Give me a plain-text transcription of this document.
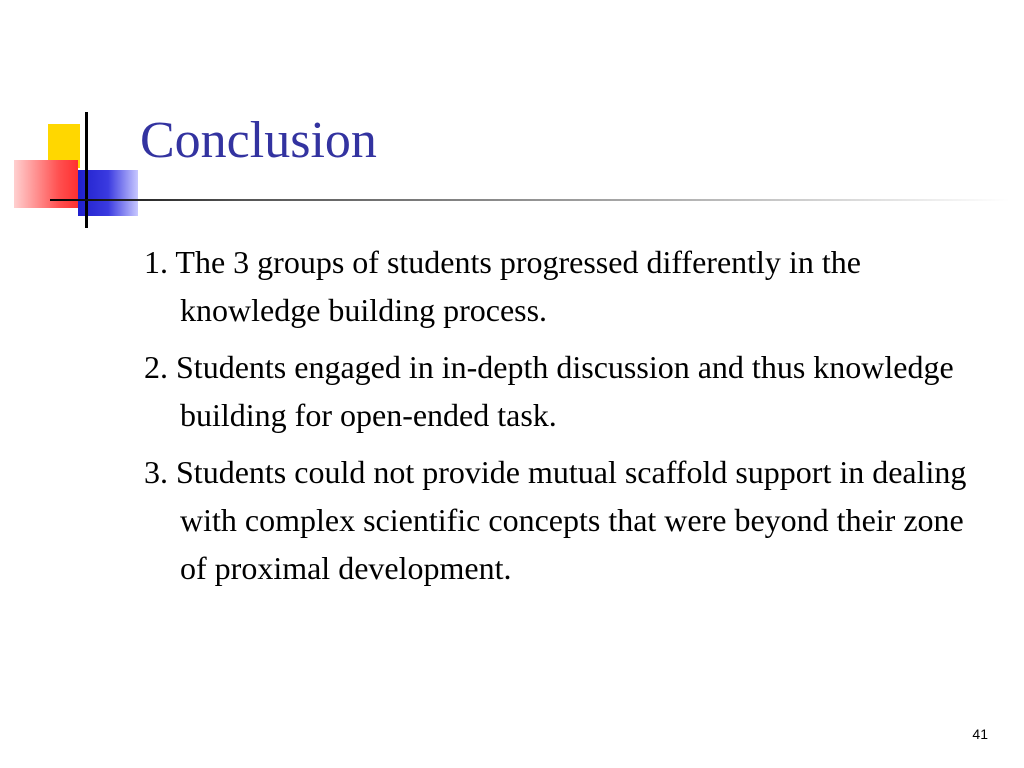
Conclusion
1. The 3 groups of students progressed differently in the knowledge building process.
2. Students engaged in in-depth discussion and thus knowledge building for open-ended task.
3. Students could not provide mutual scaffold support in dealing with complex scientific concepts that were beyond their zone of proximal development.
41
